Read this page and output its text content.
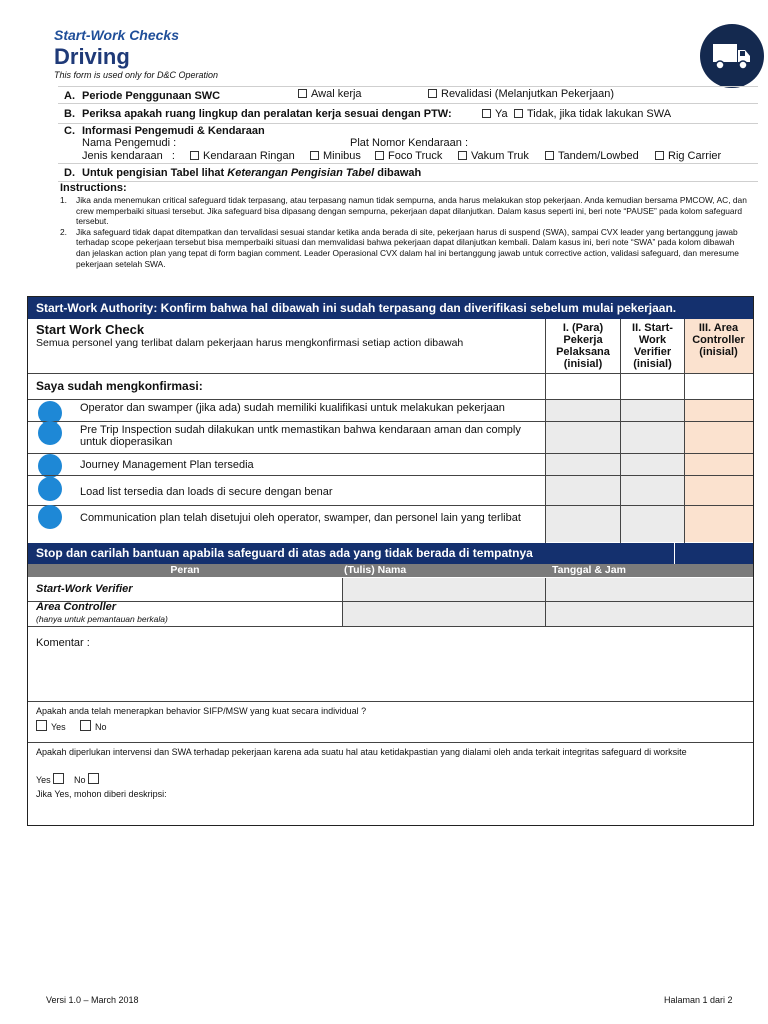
Start-Work Checks
Driving
This form is used only for D&C Operation
A. Periode Penggunaan SWC	Awal kerja	Revalidasi (Melanjutkan Pekerjaan)
B. Periksa apakah ruang lingkup dan peralatan kerja sesuai dengan PTW:	Ya	Tidak, jika tidak lakukan SWA
C. Informasi Pengemudi & Kendaraan
Nama Pengemudi :	Plat Nomor Kendaraan :
Jenis kendaraan   :	Kendaraan Ringan	Minibus	Foco Truck	Vakum Truk	Tandem/Lowbed	Rig Carrier
D. Untuk pengisian Tabel lihat Keterangan Pengisian Tabel dibawah
Instructions:
1. Jika anda menemukan critical safeguard tidak terpasang, atau terpasang namun tidak sempurna, anda harus melakukan stop pekerjaan. Anda kemudian bersama PMCOW, AC, dan crew memperbaiki situasi tersebut. Jika safeguard bisa dipasang dengan sempurna, pekerjaan dapat dilanjutkan. Dalam kasus seperti ini, beri note “PAUSE” pada kolom safeguard tersebut.
2. Jika safeguard tidak dapat ditempatkan dan tervalidasi sesuai standar ketika anda berada di site, pekerjaan harus di suspend (SWA), sampai CVX leader yang bertanggung jawab terhadap scope pekerjaan tersebut bisa memperbaiki situasi dan memvalidasi bahwa pekerjaan dapat dilanjutkan kembali. Dalam kasus ini, beri note “SWA” pada kolom dibawah dan jelaskan action plan yang tepat di form bagian comment. Leader Operasional CVX dalam hal ini bertanggung jawab untuk corrective action, validasi safeguard, dan meresume pekerjaan setelah SWA.
Start-Work Authority: Konfirm bahwa hal dibawah ini sudah terpasang dan diverifikasi sebelum mulai pekerjaan.
Start Work Check
Semua personel yang terlibat dalam pekerjaan harus mengkonfirmasi setiap action dibawah
I. (Para)
Pekerja
Pelaksana
(inisial)
II. Start-
Work
Verifier
(inisial)
III. Area
Controller
(inisial)
Saya sudah mengkonfirmasi:
Operator dan swamper (jika ada) sudah memiliki kualifikasi untuk melakukan pekerjaan
Pre Trip Inspection sudah dilakukan untk memastikan bahwa kendaraan aman dan comply untuk dioperasikan
Journey Management Plan tersedia
Load list tersedia dan loads di secure dengan benar
Communication plan telah disetujui oleh operator, swamper, dan personel lain yang terlibat
Stop dan carilah bantuan apabila safeguard di atas ada yang tidak berada di tempatnya
Peran	(Tulis) Nama	Tanggal & Jam
Start-Work Verifier
Area Controller
(hanya untuk pemantauan berkala)
Komentar :
Apakah anda telah menerapkan behavior SIFP/MSW yang kuat secara individual ?
Yes	No
Apakah diperlukan intervensi dan SWA terhadap pekerjaan karena ada suatu hal atau ketidakpastian yang dialami oleh anda terkait integritas safeguard di worksite
Yes	No
Jika Yes, mohon diberi deskripsi:
Versi 1.0 – March 2018	Halaman 1 dari 2
